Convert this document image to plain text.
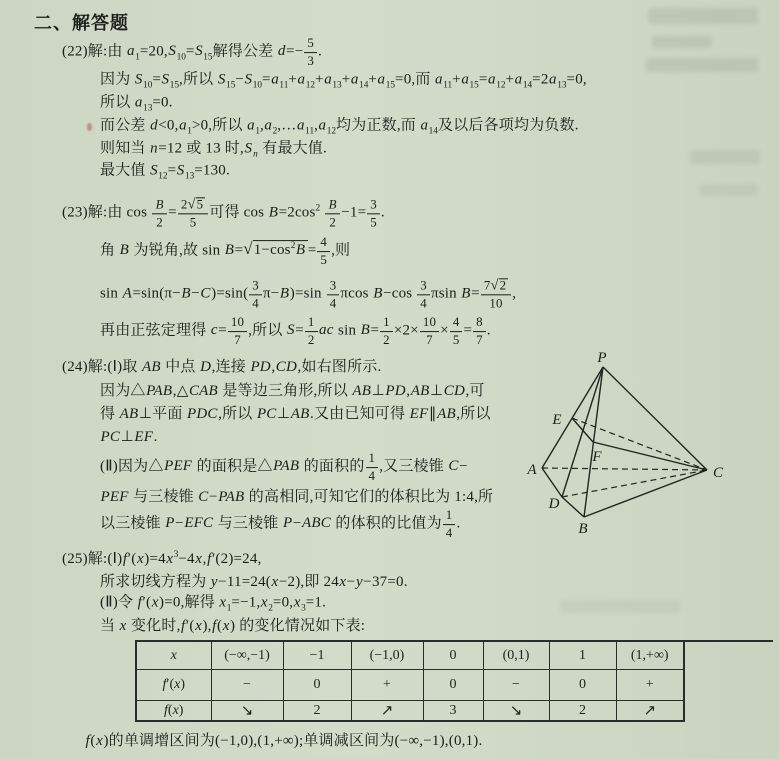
二、解答题
(22)解:由 $a_1=20,S_{10}=S_{15}$解得公差 $d=- \frac{5}{3}$ .
因为 $S_{10}=S_{15}$,所以 $S_{15}-S_{10}=a_{11}+a_{12}+a_{13}+a_{14}+a_{15}=0$,而 $a_{11}+a_{15}=a_{12}+a_{14}=2a_{13}=0$,
所以 $a_{13}=0$.
而公差 $d<0,a_1>0$,所以 $a_1,a_2,\dots a_{11},a_{12}$均为正数,而 $a_{14}$及以后各项均为负数.
则知当 n=12 或 13 时$,S_n$ 有最大值.
最大值 $S_{12}=S_{13}=130$.
(23)解:由 $\cos \frac{B}{2} = \frac{2√5}{5}$ 可得 $\cos B=2\cos^2 \frac{B}{2} -1= \frac{3}{5}$ .
角 B 为锐角,故 $\sin B=√1-\cos^2B = \frac{4}{5}$ ,则
$\sin A=\sin(\pi-B-C)=\sin( \frac{3}{4} \pi-B)=\sin \frac{3}{4}$ πcos $B-\cos \frac{3}{4}$ πsin $B= \frac{7√2}{10}$ ,
再由正弦定理得 $c= \frac{10}{7}$ ,所以 $S= \frac{1}{2}$ ac $\sin B= \frac{1}{2} \times 2\times \frac{10}{7} \times \frac{4}{5} = \frac{8}{7}$ .
(24)解:(Ⅰ)取 AB 中点 D,连接 PD,CD,如右图所示.
因为△PAB,△CAB 是等边三角形,所以 AB⊥PD,AB⊥CD,可
得 AB⊥平面 PDC,所以 PC⊥AB.又由已知可得 EF∥AB,所以
PC⊥EF.
(Ⅱ)因为△PEF 的面积是△PAB 的面积的 $\frac{1}{4}$ ,又三棱锥 C−
PEF 与三棱锥 C−PAB 的高相同,可知它们的体积比为 1:4,所
以三棱锥 P−EFC 与三棱锥 P−ABC 的体积的比值为 $\frac{1}{4}$ .
(25)解$:(Ⅰ)f'(x)=4x^3-4x,f'(2)=24$,
所求切线方程为 y−11=24(x−2),即 24x−y−37=0.
(Ⅱ)令 f′(x)=0,解得 $x_1=-1,x_2=0,x_3=1$.
当 x 变化时,f′(x),f(x) 的变化情况如下表:
f(x)的单调增区间为(−1,0),(1,+∞);单调减区间为(−∞,−1),(0,1).
P
E
F
A	C
D
B
x	(−∞,−1)	−1	(−1,0)	0	(0,1)	1	(1,+∞)
f′(x)	−	0	+	0	−	0	+
f(x)	↘	2	↗	3	↘	2	↗
